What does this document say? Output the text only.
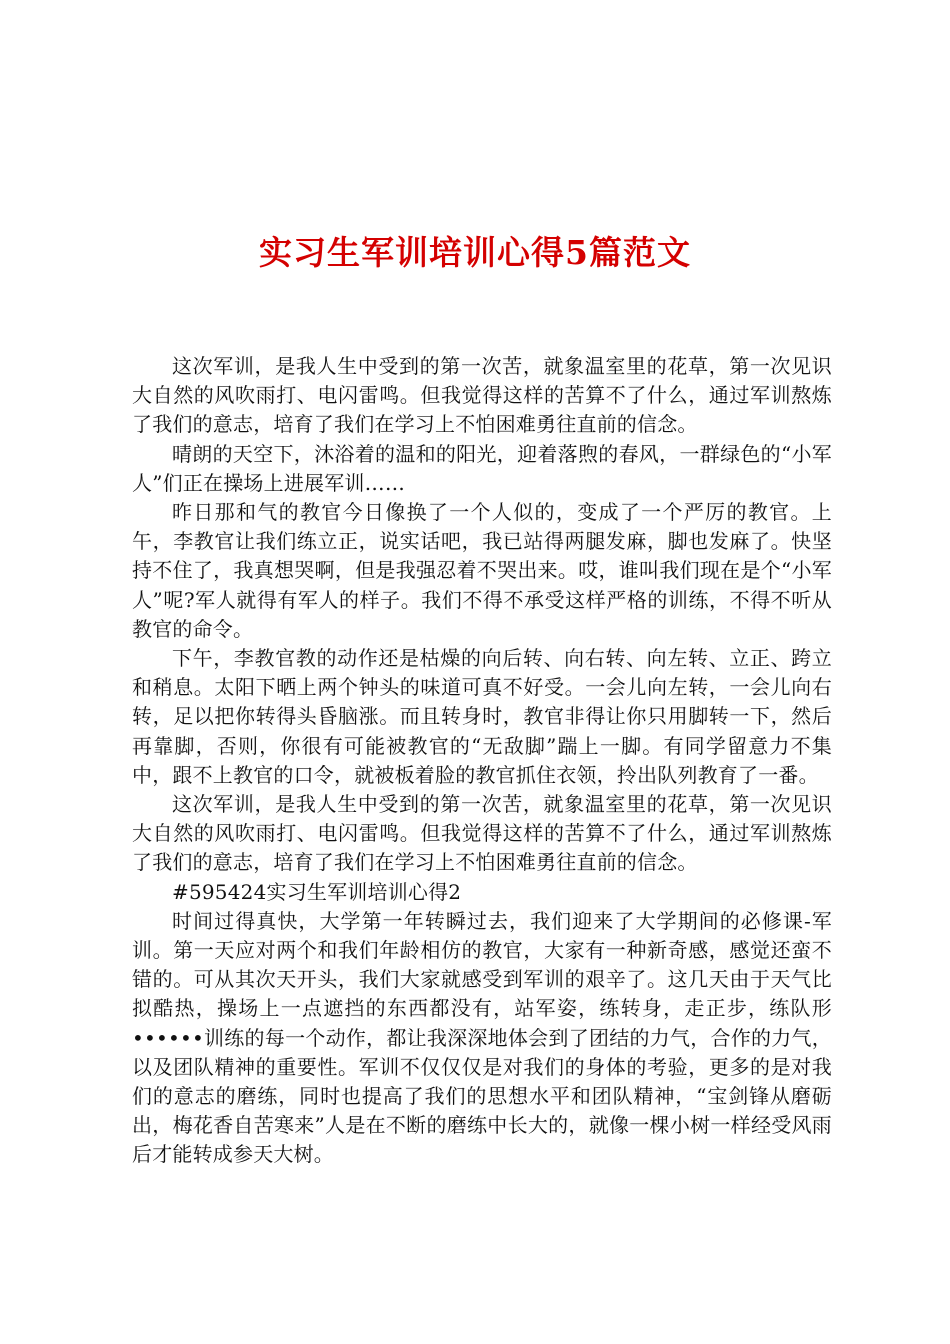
实习生军训培训心得5篇范文

这次军训，是我人生中受到的第一次苦，就象温室里的花草，第一次见识大自然的风吹雨打、电闪雷鸣。但我觉得这样的苦算不了什么，通过军训熬炼了我们的意志，培育了我们在学习上不怕困难勇往直前的信念。

晴朗的天空下，沐浴着的温和的阳光，迎着落煦的春风，一群绿色的“小军人”们正在操场上进展军训……

昨日那和气的教官今日像换了一个人似的，变成了一个严厉的教官。上午，李教官让我们练立正，说实话吧，我已站得两腿发麻，脚也发麻了。快坚持不住了，我真想哭啊，但是我强忍着不哭出来。哎，谁叫我们现在是个“小军人”呢?军人就得有军人的样子。我们不得不承受这样严格的训练，不得不听从教官的命令。

下午，李教官教的动作还是枯燥的向后转、向右转、向左转、立正、跨立和稍息。太阳下晒上两个钟头的味道可真不好受。一会儿向左转，一会儿向右转，足以把你转得头昏脑涨。而且转身时，教官非得让你只用脚转一下，然后再靠脚，否则，你很有可能被教官的“无敌脚”踹上一脚。有同学留意力不集中，跟不上教官的口令，就被板着脸的教官抓住衣领，拎出队列教育了一番。

这次军训，是我人生中受到的第一次苦，就象温室里的花草，第一次见识大自然的风吹雨打、电闪雷鸣。但我觉得这样的苦算不了什么，通过军训熬炼了我们的意志，培育了我们在学习上不怕困难勇往直前的信念。

#595424实习生军训培训心得2

时间过得真快，大学第一年转瞬过去，我们迎来了大学期间的必修课-军训。第一天应对两个和我们年龄相仿的教官，大家有一种新奇感，感觉还蛮不错的。可从其次天开头，我们大家就感受到军训的艰辛了。这几天由于天气比拟酷热，操场上一点遮挡的东西都没有，站军姿，练转身，走正步，练队形••••••训练的每一个动作，都让我深深地体会到了团结的力气，合作的力气，以及团队精神的重要性。军训不仅仅仅是对我们的身体的考验，更多的是对我们的意志的磨练，同时也提高了我们的思想水平和团队精神，“宝剑锋从磨砺出，梅花香自苦寒来”人是在不断的磨练中长大的，就像一棵小树一样经受风雨后才能转成参天大树。
